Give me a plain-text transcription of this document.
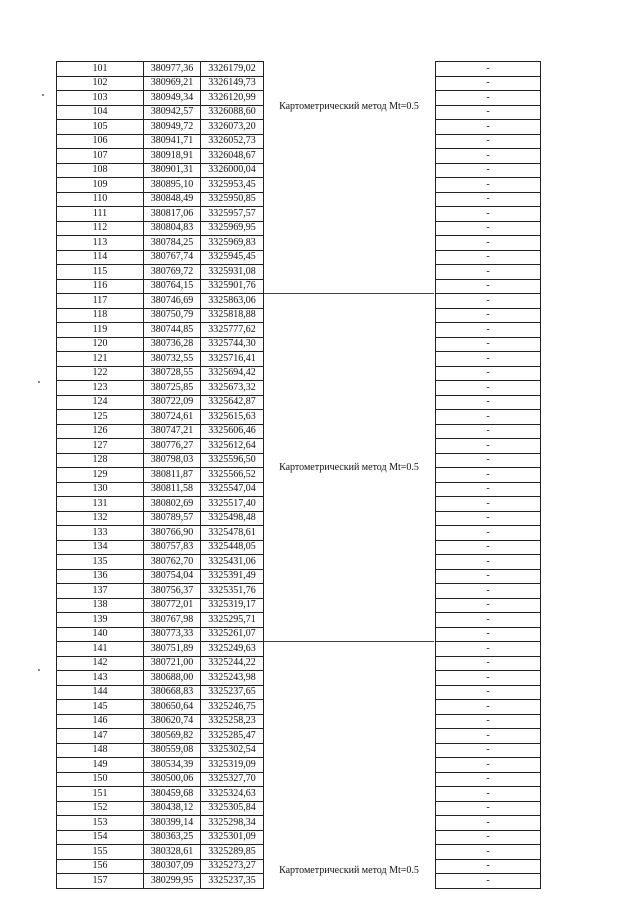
101	380977,36	3326179,02	Картометрический метод Mt=0.5		-
102	380969,21	3326149,73		-
103	380949,34	3326120,99		-
104	380942,57	3326088,60		-
105	380949,72	3326073,20		-
106	380941,71	3326052,73		-
107	380918,91	3326048,67		-
108	380901,31	3326000,04		-
109	380895,10	3325953,45		-
110	380848,49	3325950,85		-
111	380817,06	3325957,57		-
112	380804,83	3325969,95		-
113	380784,25	3325969,83		-
114	380767,74	3325945,45		-
115	380769,72	3325931,08		-
116	380764,15	3325901,76		-
117	380746,69	3325863,06	Картометрический метод Mt=0.5		-
118	380750,79	3325818,88		-
119	380744,85	3325777,62		-
120	380736,28	3325744,30		-
121	380732,55	3325716,41		-
122	380728,55	3325694,42		-
123	380725,85	3325673,32		-
124	380722,09	3325642,87		-
125	380724,61	3325615,63		-
126	380747,21	3325606,46		-
127	380776,27	3325612,64		-
128	380798,03	3325596,50		-
129	380811,87	3325566,52		-
130	380811,58	3325547,04		-
131	380802,69	3325517,40		-
132	380789,57	3325498,48		-
133	380766,90	3325478,61		-
134	380757,83	3325448,05		-
135	380762,70	3325431,06		-
136	380754,04	3325391,49		-
137	380756,37	3325351,76		-
138	380772,01	3325319,17		-
139	380767,98	3325295,71		-
140	380773,33	3325261,07		-
141	380751,89	3325249,63	Картометрический метод Mt=0.5		-
142	380721,00	3325244,22		-
143	380688,00	3325243,98		-
144	380668,83	3325237,65		-
145	380650,64	3325246,75		-
146	380620,74	3325258,23		-
147	380569,82	3325285,47		-
148	380559,08	3325302,54		-
149	380534,39	3325319,09		-
150	380500,06	3325327,70		-
151	380459,68	3325324,63		-
152	380438,12	3325305,84		-
153	380399,14	3325298,34		-
154	380363,25	3325301,09		-
155	380328,61	3325289,85		-
156	380307,09	3325273,27		-
157	380299,95	3325237,35		-
